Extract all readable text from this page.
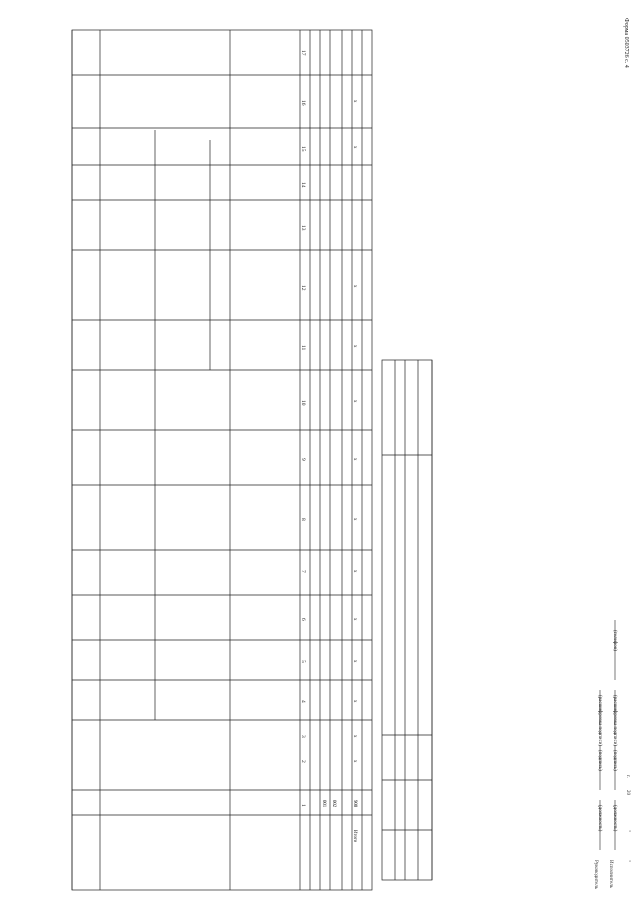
Форма 0503726 с. 4
1
2
3
4
5
6
7
8
9
10
11
12
13
14
15
16
17
001 002	900
Итого
x
x
x
x
x
x
x
x
x
x
x
x
x
Руководитель Исполнитель
(должность)
(подпись)
(расшифровка подписи)
(должность)
(подпись)
(расшифровка подписи)
(телефон)
"
"
20
г.
